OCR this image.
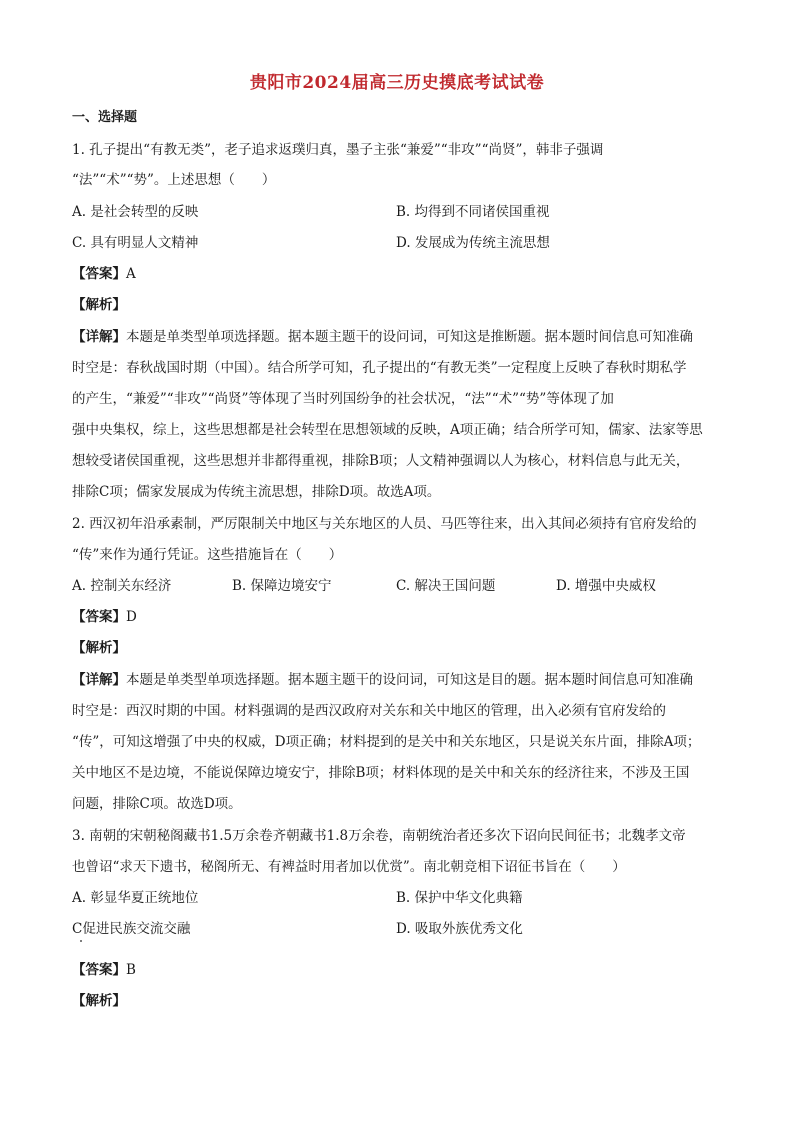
贵阳市2024届高三历史摸底考试试卷
一、选择题
1. 孔子提出“有教无类”，老子追求返璞归真，墨子主张“兼爱”“非攻”“尚贤”，韩非子强调
“法”“术”“势”。上述思想（　　）
A. 是社会转型的反映	B. 均得到不同诸侯国重视
C. 具有明显人文精神	D. 发展成为传统主流思想
【答案】A
【解析】
【详解】本题是单类型单项选择题。据本题主题干的设问词，可知这是推断题。据本题时间信息可知准确
时空是：春秋战国时期（中国）。结合所学可知，孔子提出的“有教无类”一定程度上反映了春秋时期私学
的产生，“兼爱”“非攻”“尚贤”等体现了当时列国纷争的社会状况，“法”“术”“势”等体现了加
强中央集权，综上，这些思想都是社会转型在思想领域的反映，A项正确；结合所学可知，儒家、法家等思
想较受诸侯国重视，这些思想并非都得重视，排除B项；人文精神强调以人为核心，材料信息与此无关，
排除C项；儒家发展成为传统主流思想，排除D项。故选A项。
2. 西汉初年沿承素制，严厉限制关中地区与关东地区的人员、马匹等往来，出入其间必须持有官府发给的
“传”来作为通行凭证。这些措施旨在（　　）
A. 控制关东经济	B. 保障边境安宁	C. 解决王国问题	D. 增强中央威权
【答案】D
【解析】
【详解】本题是单类型单项选择题。据本题主题干的设问词，可知这是目的题。据本题时间信息可知准确
时空是：西汉时期的中国。材料强调的是西汉政府对关东和关中地区的管理，出入必须有官府发给的
“传”，可知这增强了中央的权威，D项正确；材料提到的是关中和关东地区，只是说关东片面，排除A项；
关中地区不是边境，不能说保障边境安宁，排除B项；材料体现的是关中和关东的经济往来，不涉及王国
问题，排除C项。故选D项。
3. 南朝的宋朝秘阁藏书1.5万余卷齐朝藏书1.8万余卷，南朝统治者还多次下诏向民间征书；北魏孝文帝
也曾诏“求天下遗书，秘阁所无、有裨益时用者加以优赏”。南北朝竞相下诏征书旨在（　　）
A. 彰显华夏正统地位	B. 保护中华文化典籍
C促进民族交流交融	D. 吸取外族优秀文化
【答案】B
【解析】
